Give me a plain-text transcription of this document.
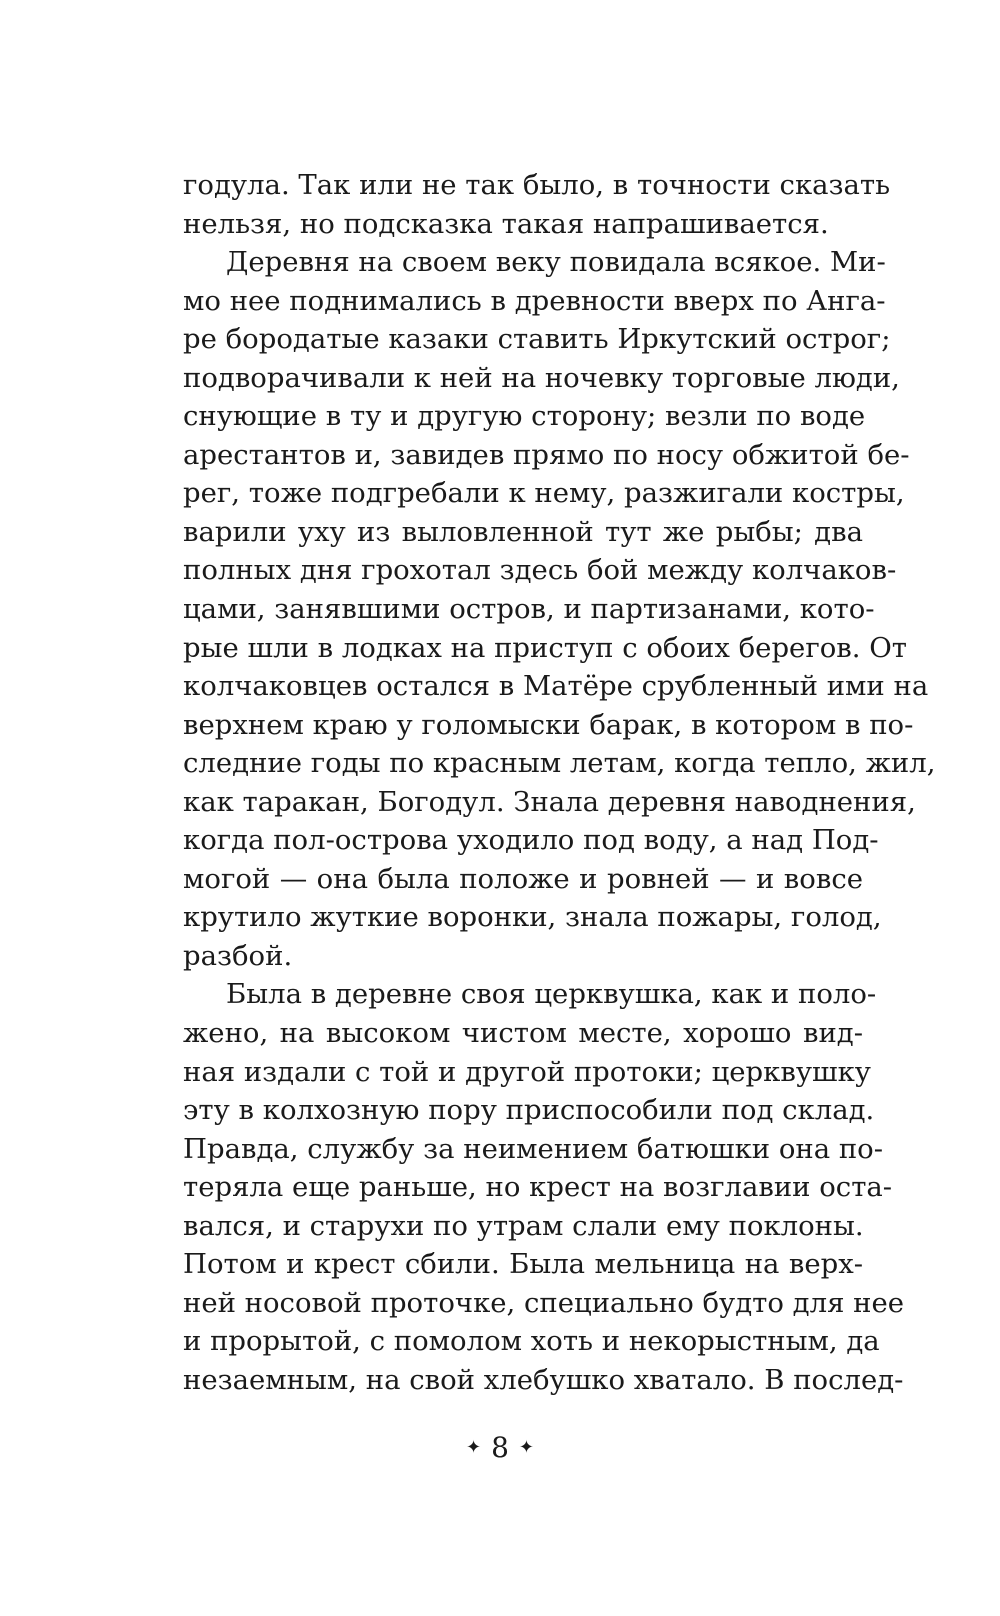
годула. Так или не так было, в точности сказать
нельзя, но подсказка такая напрашивается.
Деревня на своем веку повидала всякое. Ми-
мо нее поднимались в древности вверх по Анга-
ре бородатые казаки ставить Иркутский острог;
подворачивали к ней на ночевку торговые люди,
снующие в ту и другую сторону; везли по воде
арестантов и, завидев прямо по носу обжитой бе-
рег, тоже подгребали к нему, разжигали костры,
варили уху из выловленной тут же рыбы; два
полных дня грохотал здесь бой между колчаков-
цами, занявшими остров, и партизанами, кото-
рые шли в лодках на приступ с обоих берегов. От
колчаковцев остался в Матёре срубленный ими на
верхнем краю у голомыски барак, в котором в по-
следние годы по красным летам, когда тепло, жил,
как таракан, Богодул. Знала деревня наводнения,
когда пол-острова уходило под воду, а над Под-
могой — она была положе и ровней — и вовсе
крутило жуткие воронки, знала пожары, голод,
разбой.
Была в деревне своя церквушка, как и поло-
жено, на высоком чистом месте, хорошо вид-
ная издали с той и другой протоки; церквушку
эту в колхозную пору приспособили под склад.
Правда, службу за неимением батюшки она по-
теряла еще раньше, но крест на возглавии оста-
вался, и старухи по утрам слали ему поклоны.
Потом и крест сбили. Была мельница на верх-
ней носовой проточке, специально будто для нее
и прорытой, с помолом хоть и некорыстным, да
незаемным, на свой хлебушко хватало. В послед-
✦ 8 ✦
